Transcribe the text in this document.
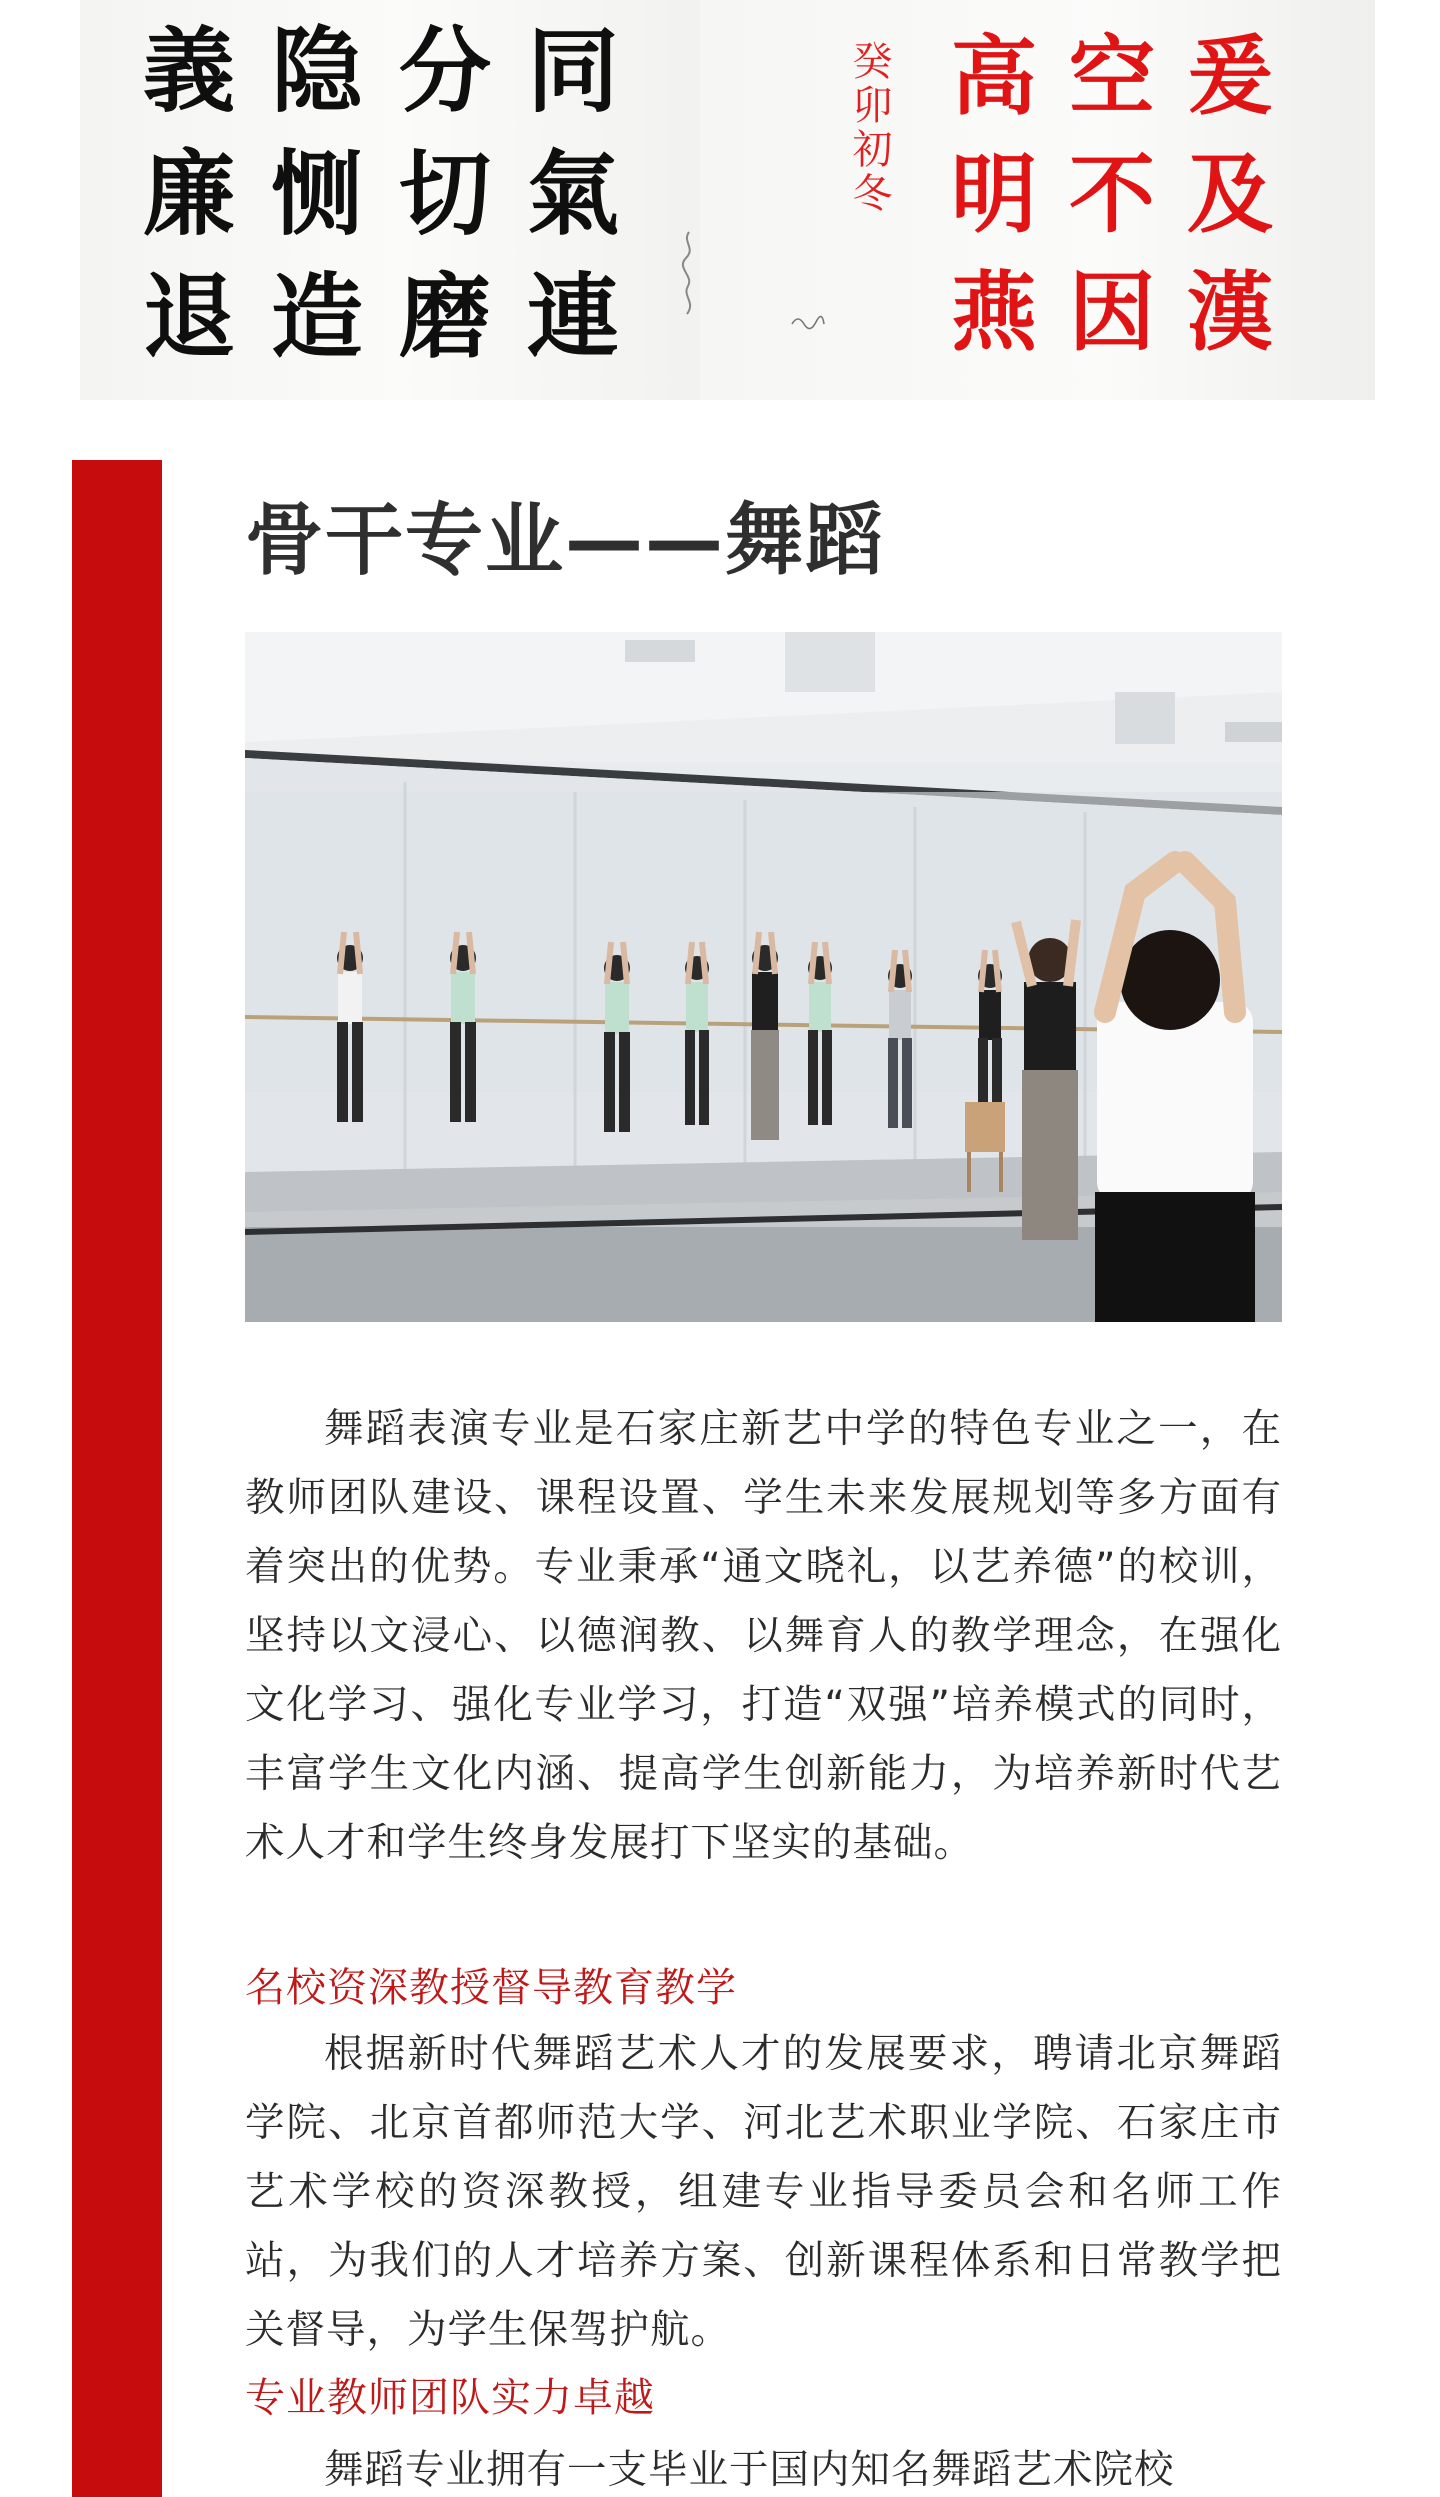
義 隐 分 同
廉 恻 切 氣
退 造 磨 連
癸卯初冬 高 空 爰
明 不 及
燕 因 漢
骨干专业——舞蹈

舞蹈表演专业是石家庄新艺中学的特色专业之一，在教师团队建设、课程设置、学生未来发展规划等多方面有着突出的优势。专业秉承“通文晓礼，以艺养德”的校训，坚持以文浸心、以德润教、以舞育人的教学理念，在强化文化学习、强化专业学习，打造“双强”培养模式的同时，丰富学生文化内涵、提高学生创新能力，为培养新时代艺术人才和学生终身发展打下坚实的基础。

名校资深教授督导教育教学

根据新时代舞蹈艺术人才的发展要求，聘请北京舞蹈学院、北京首都师范大学、河北艺术职业学院、石家庄市艺术学校的资深教授，组建专业指导委员会和名师工作站，为我们的人才培养方案、创新课程体系和日常教学把关督导，为学生保驾护航。

专业教师团队实力卓越

舞蹈专业拥有一支毕业于国内知名舞蹈艺术院校
